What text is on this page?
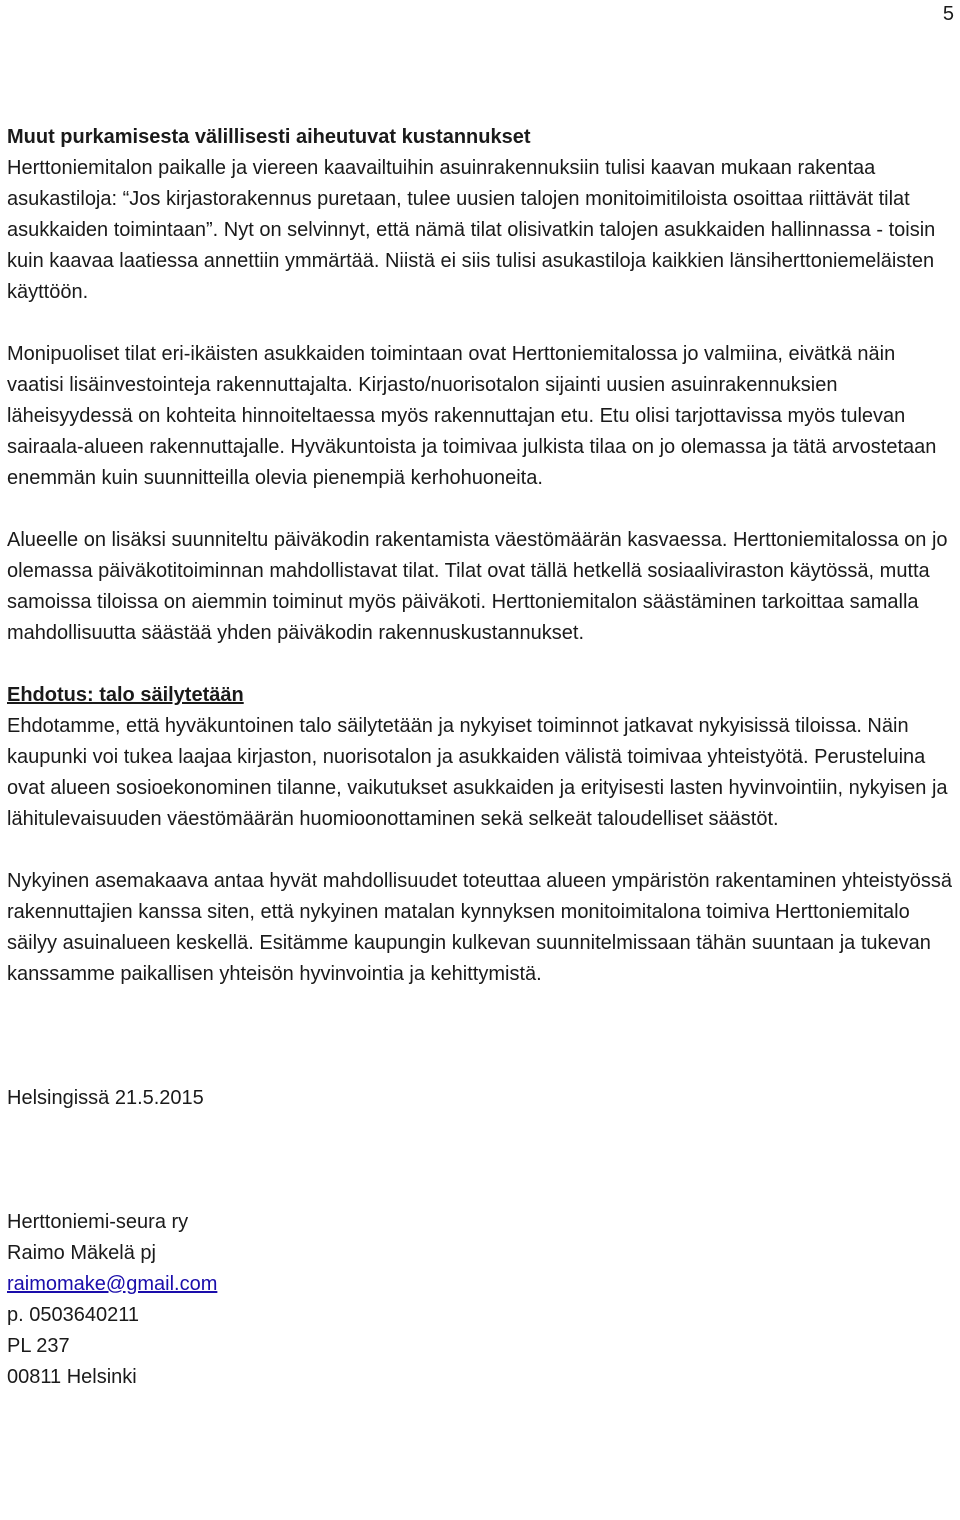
5

Muut purkamisesta välillisesti aiheutuvat kustannukset

Herttoniemitalon paikalle ja viereen kaavailtuihin asuinrakennuksiin tulisi kaavan mukaan rakentaa asukastiloja: “Jos kirjastorakennus puretaan, tulee uusien talojen monitoimitiloista osoittaa riittävät tilat asukkaiden toimintaan”. Nyt on selvinnyt, että nämä tilat olisivatkin talojen asukkaiden hallinnassa - toisin kuin kaavaa laatiessa annettiin ymmärtää. Niistä ei siis tulisi asukastiloja kaikkien länsiherttoniemeläisten käyttöön.

Monipuoliset tilat eri-ikäisten asukkaiden toimintaan ovat Herttoniemitalossa jo valmiina, eivätkä näin vaatisi lisäinvestointeja rakennuttajalta. Kirjasto/nuorisotalon sijainti uusien asuinrakennuksien läheisyydessä on kohteita hinnoiteltaessa myös rakennuttajan etu. Etu olisi tarjottavissa myös tulevan sairaala-alueen rakennuttajalle. Hyväkuntoista ja toimivaa julkista tilaa on jo olemassa ja tätä arvostetaan enemmän kuin suunnitteilla olevia pienempiä kerhohuoneita.

Alueelle on lisäksi suunniteltu päiväkodin rakentamista väestömäärän kasvaessa. Herttoniemitalossa on jo olemassa päiväkotitoiminnan mahdollistavat tilat. Tilat ovat tällä hetkellä sosiaaliviraston käytössä, mutta samoissa tiloissa on aiemmin toiminut myös päiväkoti. Herttoniemitalon säästäminen tarkoittaa samalla mahdollisuutta säästää yhden päiväkodin rakennuskustannukset.

Ehdotus: talo säilytetään

Ehdotamme, että hyväkuntoinen talo säilytetään ja nykyiset toiminnot jatkavat nykyisissä tiloissa. Näin kaupunki voi tukea laajaa kirjaston, nuorisotalon ja asukkaiden välistä toimivaa yhteistyötä. Perusteluina ovat alueen sosioekonominen tilanne, vaikutukset asukkaiden ja erityisesti lasten hyvinvointiin, nykyisen ja lähitulevaisuuden väestömäärän huomioonottaminen sekä selkeät taloudelliset säästöt.

Nykyinen asemakaava antaa hyvät mahdollisuudet toteuttaa alueen ympäristön rakentaminen yhteistyössä rakennuttajien kanssa siten, että nykyinen matalan kynnyksen monitoimitalona toimiva Herttoniemitalo säilyy asuinalueen keskellä. Esitämme kaupungin kulkevan suunnitelmissaan tähän suuntaan ja tukevan kanssamme paikallisen yhteisön hyvinvointia ja kehittymistä.

Helsingissä 21.5.2015

Herttoniemi-seura ry

Raimo Mäkelä pj

raimomake@gmail.com

p. 0503640211

PL 237

00811 Helsinki
